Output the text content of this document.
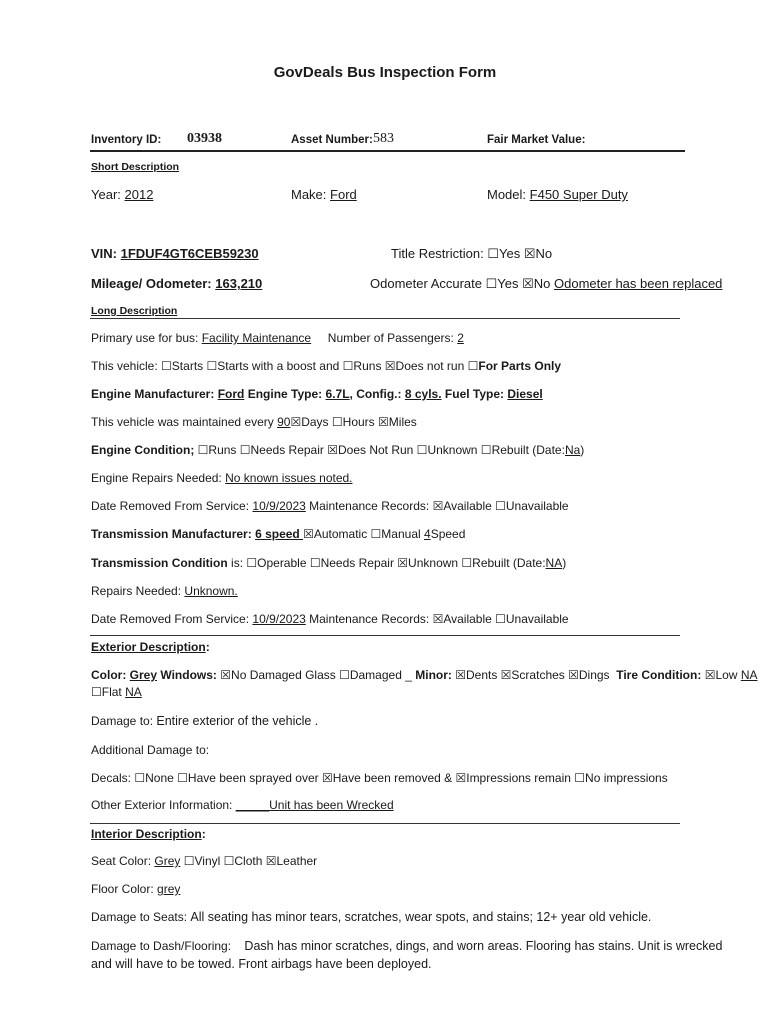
GovDeals Bus Inspection Form
Inventory ID: 03938	Asset Number: 583	Fair Market Value:
Short Description
Year: 2012	Make: Ford	Model: F450 Super Duty
VIN: 1FDUF4GT6CEB59230	Title Restriction: ☐Yes ☒No
Mileage/ Odometer: 163,210	Odometer Accurate ☐Yes ☒No Odometer has been replaced
Long Description
Primary use for bus: Facility Maintenance Number of Passengers: 2
This vehicle: ☐Starts ☐Starts with a boost and ☐Runs ☒Does not run ☐For Parts Only
Engine Manufacturer: Ford Engine Type: 6.7L, Config.: 8 cyls. Fuel Type: Diesel
This vehicle was maintained every 90☒Days ☐Hours ☒Miles
Engine Condition; ☐Runs ☐Needs Repair ☒Does Not Run ☐Unknown ☐Rebuilt (Date:Na)
Engine Repairs Needed: No known issues noted.
Date Removed From Service: 10/9/2023 Maintenance Records: ☒Available ☐Unavailable
Transmission Manufacturer: 6 speed ☒Automatic ☐Manual 4Speed
Transmission Condition is: ☐Operable ☐Needs Repair ☒Unknown ☐Rebuilt (Date:NA)
Repairs Needed: Unknown.
Date Removed From Service: 10/9/2023 Maintenance Records: ☒Available ☐Unavailable
Exterior Description:
Color: Grey Windows: ☒No Damaged Glass ☐Damaged _ Minor: ☒Dents ☒Scratches ☒Dings Tire Condition: ☒Low NA
☐Flat NA
Damage to: Entire exterior of the vehicle .
Additional Damage to:
Decals: ☐None ☐Have been sprayed over ☒Have been removed & ☒Impressions remain ☐No impressions
Other Exterior Information: _____Unit has been Wrecked
Interior Description:
Seat Color: Grey ☐Vinyl ☐Cloth ☒Leather
Floor Color: grey
Damage to Seats: All seating has minor tears, scratches, wear spots, and stains; 12+ year old vehicle.
Damage to Dash/Flooring: Dash has minor scratches, dings, and worn areas. Flooring has stains. Unit is wrecked
and will have to be towed. Front airbags have been deployed.
